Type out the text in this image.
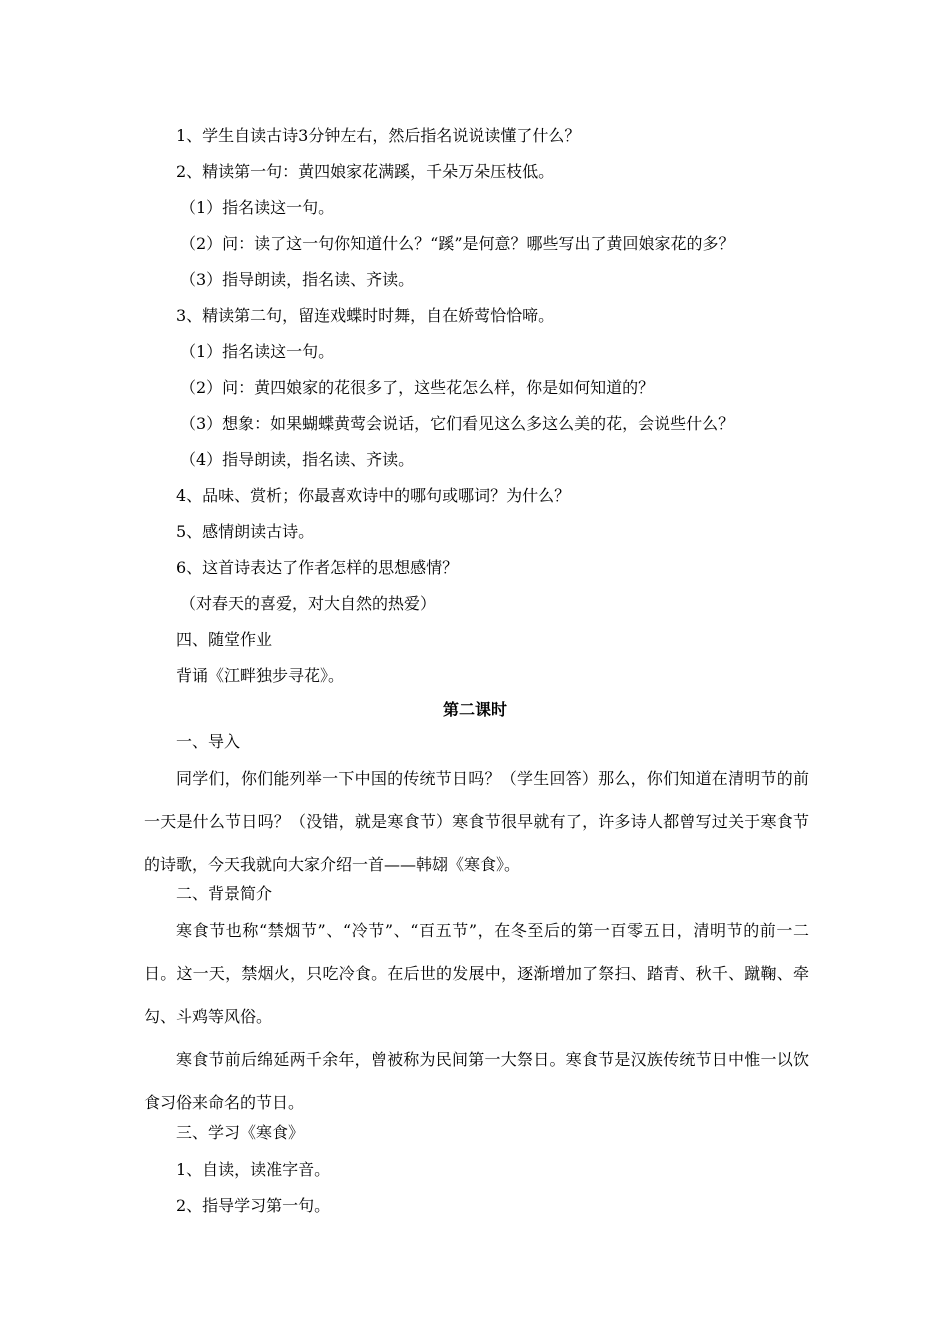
1、学生自读古诗3分钟左右，然后指名说说读懂了什么？
2、精读第一句：黄四娘家花满蹊，千朵万朵压枝低。
（1）指名读这一句。
（2）问：读了这一句你知道什么？“蹊”是何意？哪些写出了黄回娘家花的多？
（3）指导朗读，指名读、齐读。
3、精读第二句，留连戏蝶时时舞，自在娇莺恰恰啼。
（1）指名读这一句。
（2）问：黄四娘家的花很多了，这些花怎么样，你是如何知道的？
（3）想象：如果蝴蝶黄莺会说话，它们看见这么多这么美的花，会说些什么？
（4）指导朗读，指名读、齐读。
4、品味、赏析；你最喜欢诗中的哪句或哪词？为什么？
5、感情朗读古诗。
6、这首诗表达了作者怎样的思想感情？
（对春天的喜爱，对大自然的热爱）
四、随堂作业
背诵《江畔独步寻花》。
第二课时
一、导入
同学们，你们能列举一下中国的传统节日吗？（学生回答）那么，你们知道在清明节的前一天是什么节日吗？（没错，就是寒食节）寒食节很早就有了，许多诗人都曾写过关于寒食节的诗歌，今天我就向大家介绍一首——韩翃《寒食》。
二、背景简介
寒食节也称“禁烟节”、“冷节”、“百五节”，在冬至后的第一百零五日，清明节的前一二日。这一天，禁烟火，只吃冷食。在后世的发展中，逐渐增加了祭扫、踏青、秋千、蹴鞠、牵勾、斗鸡等风俗。
寒食节前后绵延两千余年，曾被称为民间第一大祭日。寒食节是汉族传统节日中惟一以饮食习俗来命名的节日。
三、学习《寒食》
1、自读，读准字音。
2、指导学习第一句。
